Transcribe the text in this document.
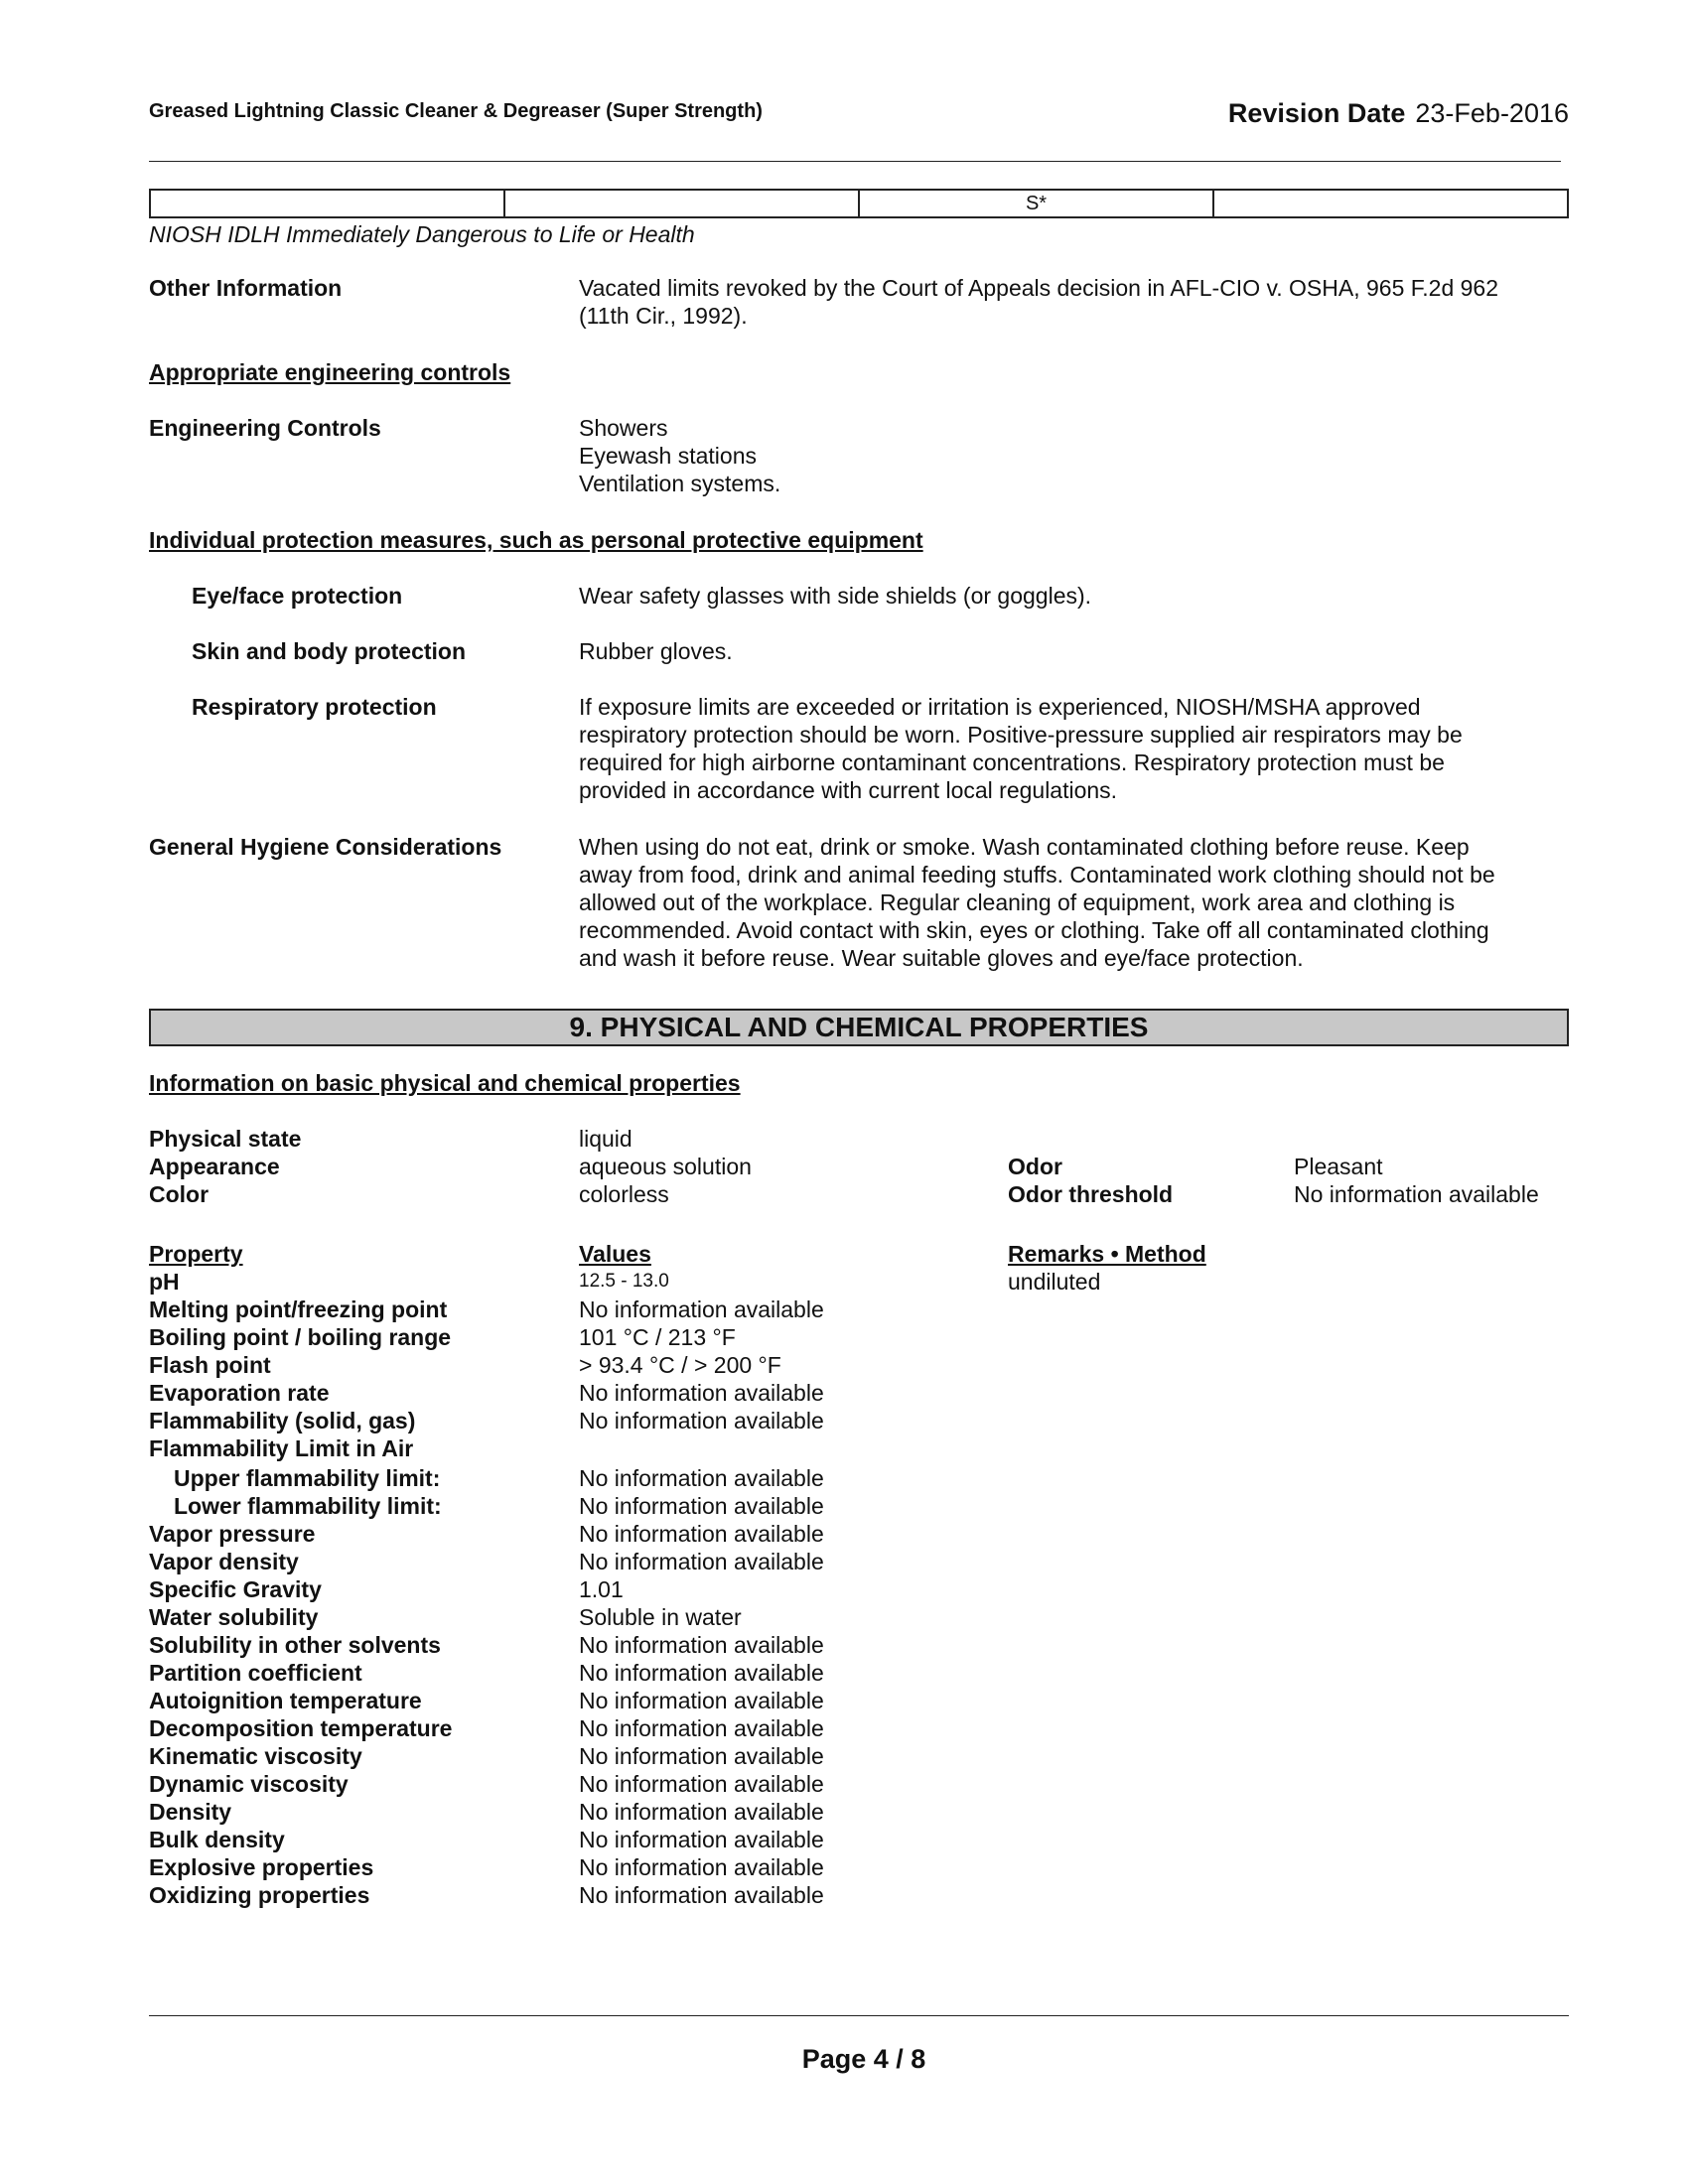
Greased Lightning Classic Cleaner & Degreaser (Super Strength)	Revision Date 23-Feb-2016
		S*	
NIOSH IDLH Immediately Dangerous to Life or Health
Other Information	Vacated limits revoked by the Court of Appeals decision in AFL-CIO v. OSHA, 965 F.2d 962
(11th Cir., 1992).
Appropriate engineering controls
Engineering Controls	Showers
Eyewash stations
Ventilation systems.
Individual protection measures, such as personal protective equipment
Eye/face protection	Wear safety glasses with side shields (or goggles).
Skin and body protection	Rubber gloves.
Respiratory protection	If exposure limits are exceeded or irritation is experienced, NIOSH/MSHA approved
respiratory protection should be worn. Positive-pressure supplied air respirators may be
required for high airborne contaminant concentrations. Respiratory protection must be
provided in accordance with current local regulations.
General Hygiene Considerations	When using do not eat, drink or smoke. Wash contaminated clothing before reuse. Keep
away from food, drink and animal feeding stuffs. Contaminated work clothing should not be
allowed out of the workplace. Regular cleaning of equipment, work area and clothing is
recommended. Avoid contact with skin, eyes or clothing. Take off all contaminated clothing
and wash it before reuse. Wear suitable gloves and eye/face protection.
9. PHYSICAL AND CHEMICAL PROPERTIES
Information on basic physical and chemical properties
Physical state	liquid
Appearance	aqueous solution	Odor	Pleasant
Color	colorless	Odor threshold	No information available
Property	Values	Remarks • Method
pH	12.5 - 13.0	undiluted
Melting point/freezing point	No information available
Boiling point / boiling range	101 °C / 213 °F
Flash point	> 93.4 °C / > 200 °F
Evaporation rate	No information available
Flammability (solid, gas)	No information available
Flammability Limit in Air
Upper flammability limit:	No information available
Lower flammability limit:	No information available
Vapor pressure	No information available
Vapor density	No information available
Specific Gravity	1.01
Water solubility	Soluble in water
Solubility in other solvents	No information available
Partition coefficient	No information available
Autoignition temperature	No information available
Decomposition temperature	No information available
Kinematic viscosity	No information available
Dynamic viscosity	No information available
Density	No information available
Bulk density	No information available
Explosive properties	No information available
Oxidizing properties	No information available
Page 4 / 8
